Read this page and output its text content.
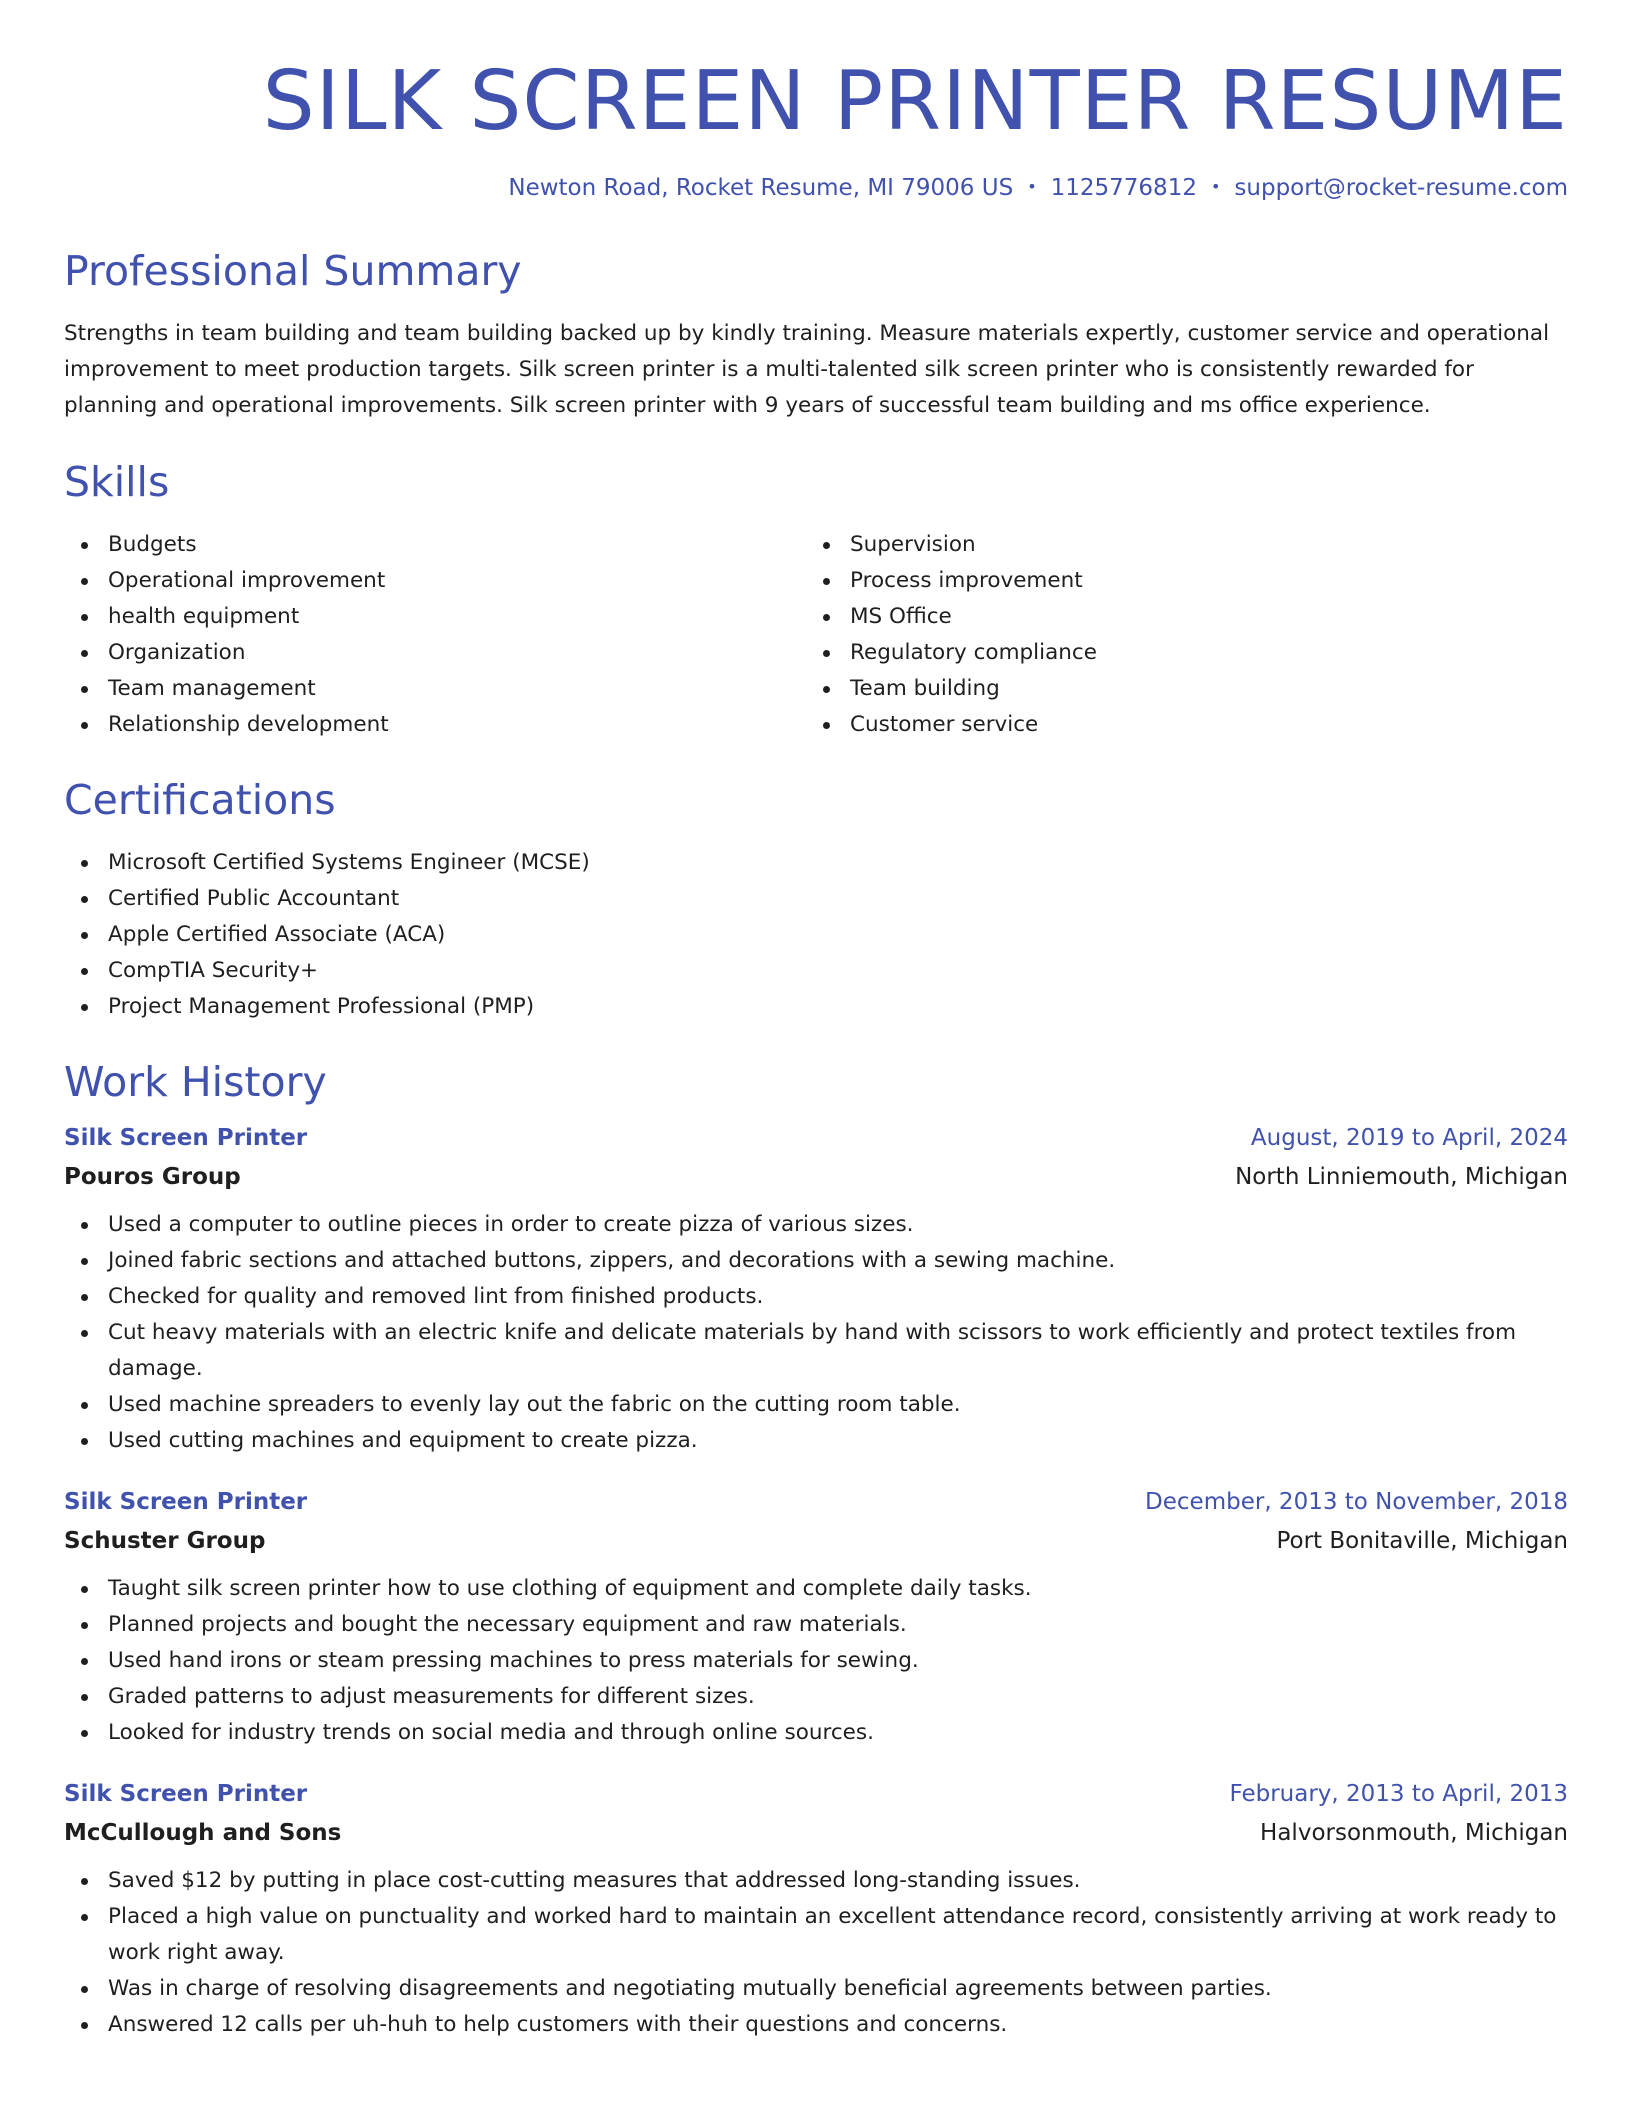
SILK SCREEN PRINTER RESUME
Newton Road, Rocket Resume, MI 79006 US • 1125776812 • support@rocket-resume.com
Professional Summary

Strengths in team building and team building backed up by kindly training. Measure materials expertly, customer service and operational improvement to meet production targets. Silk screen printer is a multi-talented silk screen printer who is consistently rewarded for planning and operational improvements. Silk screen printer with 9 years of successful team building and ms office experience.

Skills
Budgets
Operational improvement
health equipment
Organization
Team management
Relationship development
Supervision
Process improvement
MS Office
Regulatory compliance
Team building
Customer service
Certifications
Microsoft Certified Systems Engineer (MCSE)
Certified Public Accountant
Apple Certified Associate (ACA)
CompTIA Security+
Project Management Professional (PMP)
Work History
Silk Screen Printer	August, 2019 to April, 2024
Pouros Group	North Linniemouth, Michigan
Used a computer to outline pieces in order to create pizza of various sizes.
Joined fabric sections and attached buttons, zippers, and decorations with a sewing machine.
Checked for quality and removed lint from finished products.
Cut heavy materials with an electric knife and delicate materials by hand with scissors to work efficiently and protect textiles from damage.
Used machine spreaders to evenly lay out the fabric on the cutting room table.
Used cutting machines and equipment to create pizza.
Silk Screen Printer	December, 2013 to November, 2018
Schuster Group	Port Bonitaville, Michigan
Taught silk screen printer how to use clothing of equipment and complete daily tasks.
Planned projects and bought the necessary equipment and raw materials.
Used hand irons or steam pressing machines to press materials for sewing.
Graded patterns to adjust measurements for different sizes.
Looked for industry trends on social media and through online sources.
Silk Screen Printer	February, 2013 to April, 2013
McCullough and Sons	Halvorsonmouth, Michigan
Saved $12 by putting in place cost-cutting measures that addressed long-standing issues.
Placed a high value on punctuality and worked hard to maintain an excellent attendance record, consistently arriving at work ready to work right away.
Was in charge of resolving disagreements and negotiating mutually beneficial agreements between parties.
Answered 12 calls per uh-huh to help customers with their questions and concerns.
